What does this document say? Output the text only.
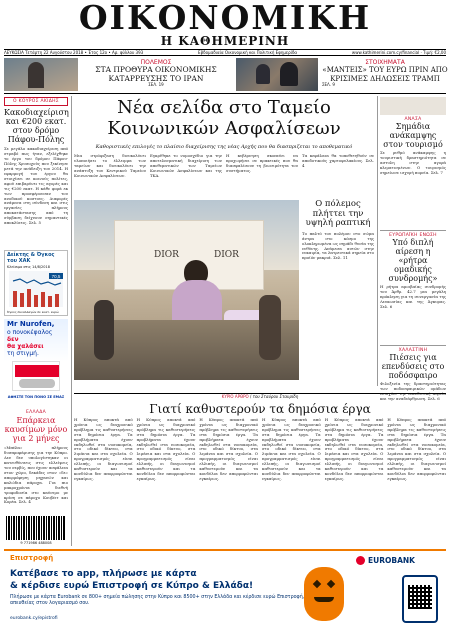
ΟΙΚΟΝΟΜΙΚΗ
Η ΚΑΘΗΜΕΡΙΝΗ
ΛΕΥΚΩΣΙΑ Τετάρτη 22 Αυγούστου 2018 • Έτος 12ο • Αρ. φύλλου 393	Εβδομαδιαία Οικονομική και Πολιτική Εφημερίδα	www.kathimerini.com.cy/financial · Τιμή: €2,00
ΠΟΛΕΜΟΣ
ΣΤΑ ΠΡΟΘΥΡΑ ΟΙΚΟΝΟΜΙΚΗΣ ΚΑΤΑΡΡΕΥΣΗΣ ΤΟ ΙΡΑΝ
ΣΕΛ. 19
ΣΤΟΙΧΗΜΑΤΑ
«ΜΑΝΤΕΙΣ» ΤΟΥ ΕΥΡΩ ΠΡΙΝ ΑΠΟ ΚΡΙΣΙΜΕΣ ΔΗΛΩΣΕΙΣ ΤΡΑΜΠ
ΣΕΛ. 9
Ο ΚΟΥΡΟΣ ΑΚΙΔΗΣ
Κακοδιαχείριση και €200 εκατ. στον δρόμο Πάφου-Πόλης
Σε μεγάλο κακοδιαχείριση από στραβό πως ήταν, εξελίχθηκε το έργο του δρόμου Πάφου-Πόλης Χρυσοχούς που ξεκίνησε μετά την ανάδειξη του 2014. Η εφαρμογή του έργου θα στοιχίσει σε κοινούς πολίτες, αφού επιβαρύνει τις αγορές και τις €200 εκατ. Η κάθε φορά εκ των προσφέρουσαν του ανοδικού κοστους. Διαφορές ανάμεσα στη σύνδεση και στις εργασίες πλήρους αποκατάστασης από τη σύμβαση δείχνουν σημαντικές αποκλίσεις. Σελ. 5
Δείκτης & Όγκος του ΧΑΚ
Κλείσιμο στις 14/8/2018
70,5
Όγκος συναλλαγών σε εκατ. ευρώ
Mr Nurofen,
ο πονοκέφαλος
δεν
θα χαλάσει
τη στιγμή.
ΑΦΗΣΤΕ ΤΟΝ ΠΟΝΟ ΣΕ ΕΜΑΣ
ΕΛΛΑΔΑ
Επάρκεια καυσίμων μόνο για 2 μήνες
«Μπέλα» πλήρους δυσπροφάρισης για την Κύπρο. Δεν δεν υπολογίστηκαν οι κατευθύνσεις στις ελλείψεις του σερβίς, που έχουν ασφάλεια στον χώρο, δεκάδες στον «δε» απορρόφηση μηχανών και καλώδια πάροχα. Για πιο μακροχρόνια διεθνή τροφοδοσία στο καύσιμο με κρίση σε πάροχο Κουβέιτ και Κορέα. Σελ. 4
9 771986 488008
Νέα σελίδα στο Ταμείο Κοινωνικών Ασφαλίσεων
Καθοριστικές επιλογές το πλαίσιο διαχείρισης της νέας Αρχής που θα διασπριζεται το αποθεματικό
Μια στρόφιξαση διευκολύνει υλοποιήσει το έλλειμμα των ταμείων και διευκολύνει την ανάπτυξη του Κεντρικού Ταμείου Κοινωνικών Ασφαλίσεων.
Εγκρίθηκε το νομοσχέδιο για την αποτελεσματική διαχείριση των αποθεματικών των Ταμείων Κοινωνικών Ασφαλίσεων και της ΤΚΑ.
Η κυβέρνηση σκοπεύει να προχωρήσει σε πρακτικές που θα διασφαλίσουν τη βιωσιμότητα του συστήματος.
Τα κεφάλαια θα τοποθετηθούν σε αποδοτικούς χαρτοφυλακίους. Σελ. 4
DIOR	DIOR
Ο πόλεμος πλήττει την υψηλή ραπτική
Το παλτό του πολέμου στο σώμα άντρα στο κόσμο της ολοκληρωμένα ως σημάδι θυσία της ευθύνης. Ανάμεσα αυτών στην ευκαιρία, τα λατρευτικά σημεία στο προϊόν μακριά. Σελ. 11
ΑΝΑΣΑ
Σημάδια ανάκαμψης στον τουρισμό
Σε ρυθμό ανάκαμψης η τουριστική δραστηριότητα σε αστυλη στην αγορά κλιματισμένων. Ο τουρισμός σημείωσε ισχυρή πορεία. Σελ. 7
ΕΥΡΩΠΑΪΚΗ ΕΝΩΣΗ
Υπό διπλή αίρεση η «ρήτρα ομαδικής συνδρομής»
Η ρήτρα αμοιβαίας συνδρομής του Άρθρ. 42.7 μια μεγάλη πρόκληση για τη συνεργασία της Λευκωσίας και της Άγκυρας. Σελ. 6
ΧΑΛΑΣΤΙΝΗ
Πιέσεις για επενδύσεις στο ποδόσφαιρο
Φιλοξενία της δραστηριότητας των ποδοσφαιρικών ομάδων και την αναδιάρθρωση. Σελ. 6
ΚΥΡΙΟ ΑΡΘΡΟ / του Σταύρου Σταυρίδη
Γιατί καθυστερούν τα δημόσια έργα
Η Κύπρος αποκτά από χρόνια ως διαχρονικό πρόβλημα τις καθυστερήσεις στα δημόσια έργα. Τα προβλήματα έχουν εκδηλωθεί στα νοσοκομεία, στο οδικό δίκτυο, στα λιμάνια και στα σχολεία. Ο προγραμματισμός είναι ελλιπής, οι διαγωνισμοί καθυστερούν και τα κονδύλια δεν απορροφώνται εγκαίρως.
Η Κύπρος αποκτά από χρόνια ως διαχρονικό πρόβλημα τις καθυστερήσεις στα δημόσια έργα. Τα προβλήματα έχουν εκδηλωθεί στα νοσοκομεία, στο οδικό δίκτυο, στα λιμάνια και στα σχολεία. Ο προγραμματισμός είναι ελλιπής, οι διαγωνισμοί καθυστερούν και τα κονδύλια δεν απορροφώνται εγκαίρως.
Η Κύπρος αποκτά από χρόνια ως διαχρονικό πρόβλημα τις καθυστερήσεις στα δημόσια έργα. Τα προβλήματα έχουν εκδηλωθεί στα νοσοκομεία, στο οδικό δίκτυο, στα λιμάνια και στα σχολεία. Ο προγραμματισμός είναι ελλιπής, οι διαγωνισμοί καθυστερούν και τα κονδύλια δεν απορροφώνται εγκαίρως.
Η Κύπρος αποκτά από χρόνια ως διαχρονικό πρόβλημα τις καθυστερήσεις στα δημόσια έργα. Τα προβλήματα έχουν εκδηλωθεί στα νοσοκομεία, στο οδικό δίκτυο, στα λιμάνια και στα σχολεία. Ο προγραμματισμός είναι ελλιπής, οι διαγωνισμοί καθυστερούν και τα κονδύλια δεν απορροφώνται εγκαίρως.
Η Κύπρος αποκτά από χρόνια ως διαχρονικό πρόβλημα τις καθυστερήσεις στα δημόσια έργα. Τα προβλήματα έχουν εκδηλωθεί στα νοσοκομεία, στο οδικό δίκτυο, στα λιμάνια και στα σχολεία. Ο προγραμματισμός είναι ελλιπής, οι διαγωνισμοί καθυστερούν και τα κονδύλια δεν απορροφώνται εγκαίρως.
Η Κύπρος αποκτά από χρόνια ως διαχρονικό πρόβλημα τις καθυστερήσεις στα δημόσια έργα. Τα προβλήματα έχουν εκδηλωθεί στα νοσοκομεία, στο οδικό δίκτυο, στα λιμάνια και στα σχολεία. Ο προγραμματισμός είναι ελλιπής, οι διαγωνισμοί καθυστερούν και τα κονδύλια δεν απορροφώνται εγκαίρως.
Επιστροφή	EUROBANK
Κατέβασε το app, πλήρωσε με κάρτα
& κέρδισε ευρώ Επιστροφή σε Κύπρο & Ελλάδα!
Πλήρωσε με κάρτα Eurobank σε 800+ σημεία πώλησης στην Κύπρο και 8500+ στην Ελλάδα και κέρδισε ευρώ Επιστροφή, απευθείας στον λογαριασμό σου.
eurobank.cy/epistrofi
